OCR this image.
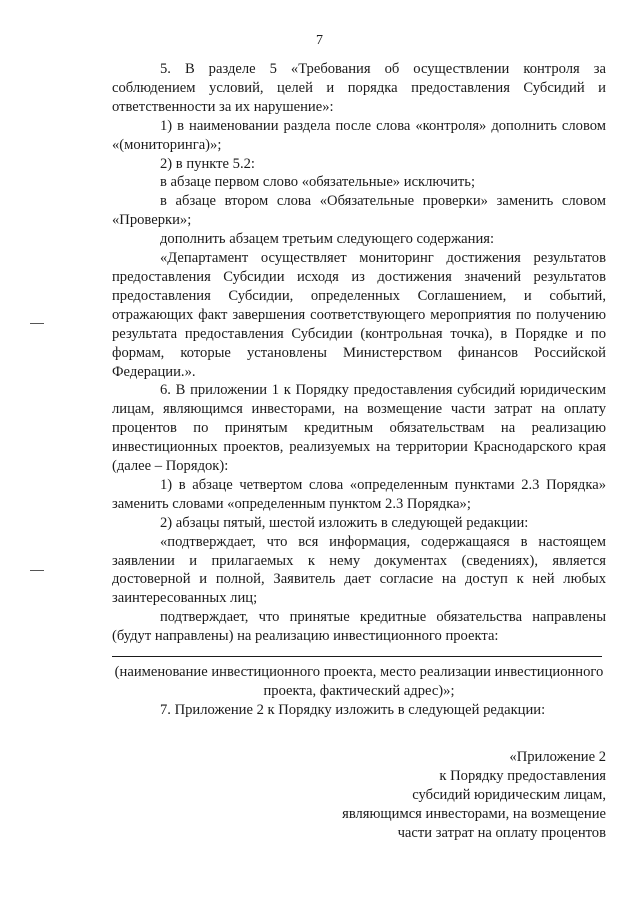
7

5. В разделе 5 «Требования об осуществлении контроля за соблюдением условий, целей и порядка предоставления Субсидий и ответственности за их нарушение»:

1) в наименовании раздела после слова «контроля» дополнить словом «(мониторинга)»;

2) в пункте 5.2:

в абзаце первом слово «обязательные» исключить;

в абзаце втором слова «Обязательные проверки» заменить словом «Проверки»;

дополнить абзацем третьим следующего содержания:

«Департамент осуществляет мониторинг достижения результатов предоставления Субсидии исходя из достижения значений результатов предоставления Субсидии, определенных Соглашением, и событий, отражающих факт завершения соответствующего мероприятия по получению результата предоставления Субсидии (контрольная точка), в Порядке и по формам, которые установлены Министерством финансов Российской Федерации.».

6. В приложении 1 к Порядку предоставления субсидий юридическим лицам, являющимся инвесторами, на возмещение части затрат на оплату процентов по принятым кредитным обязательствам на реализацию инвестиционных проектов, реализуемых на территории Краснодарского края (далее – Порядок):

1) в абзаце четвертом слова «определенным пунктами 2.3 Порядка» заменить словами «определенным пунктом 2.3 Порядка»;

2) абзацы пятый, шестой изложить в следующей редакции:

«подтверждает, что вся информация, содержащаяся в настоящем заявлении и прилагаемых к нему документах (сведениях), является достоверной и полной, Заявитель дает согласие на доступ к ней любых заинтересованных лиц;

подтверждает, что принятые кредитные обязательства направлены (будут направлены) на реализацию инвестиционного проекта:

(наименование инвестиционного проекта, место реализации инвестиционного проекта, фактический адрес)»;

7. Приложение 2 к Порядку изложить в следующей редакции:

«Приложение 2
к Порядку предоставления
субсидий юридическим лицам,
являющимся инвесторами, на возмещение
части затрат на оплату процентов
